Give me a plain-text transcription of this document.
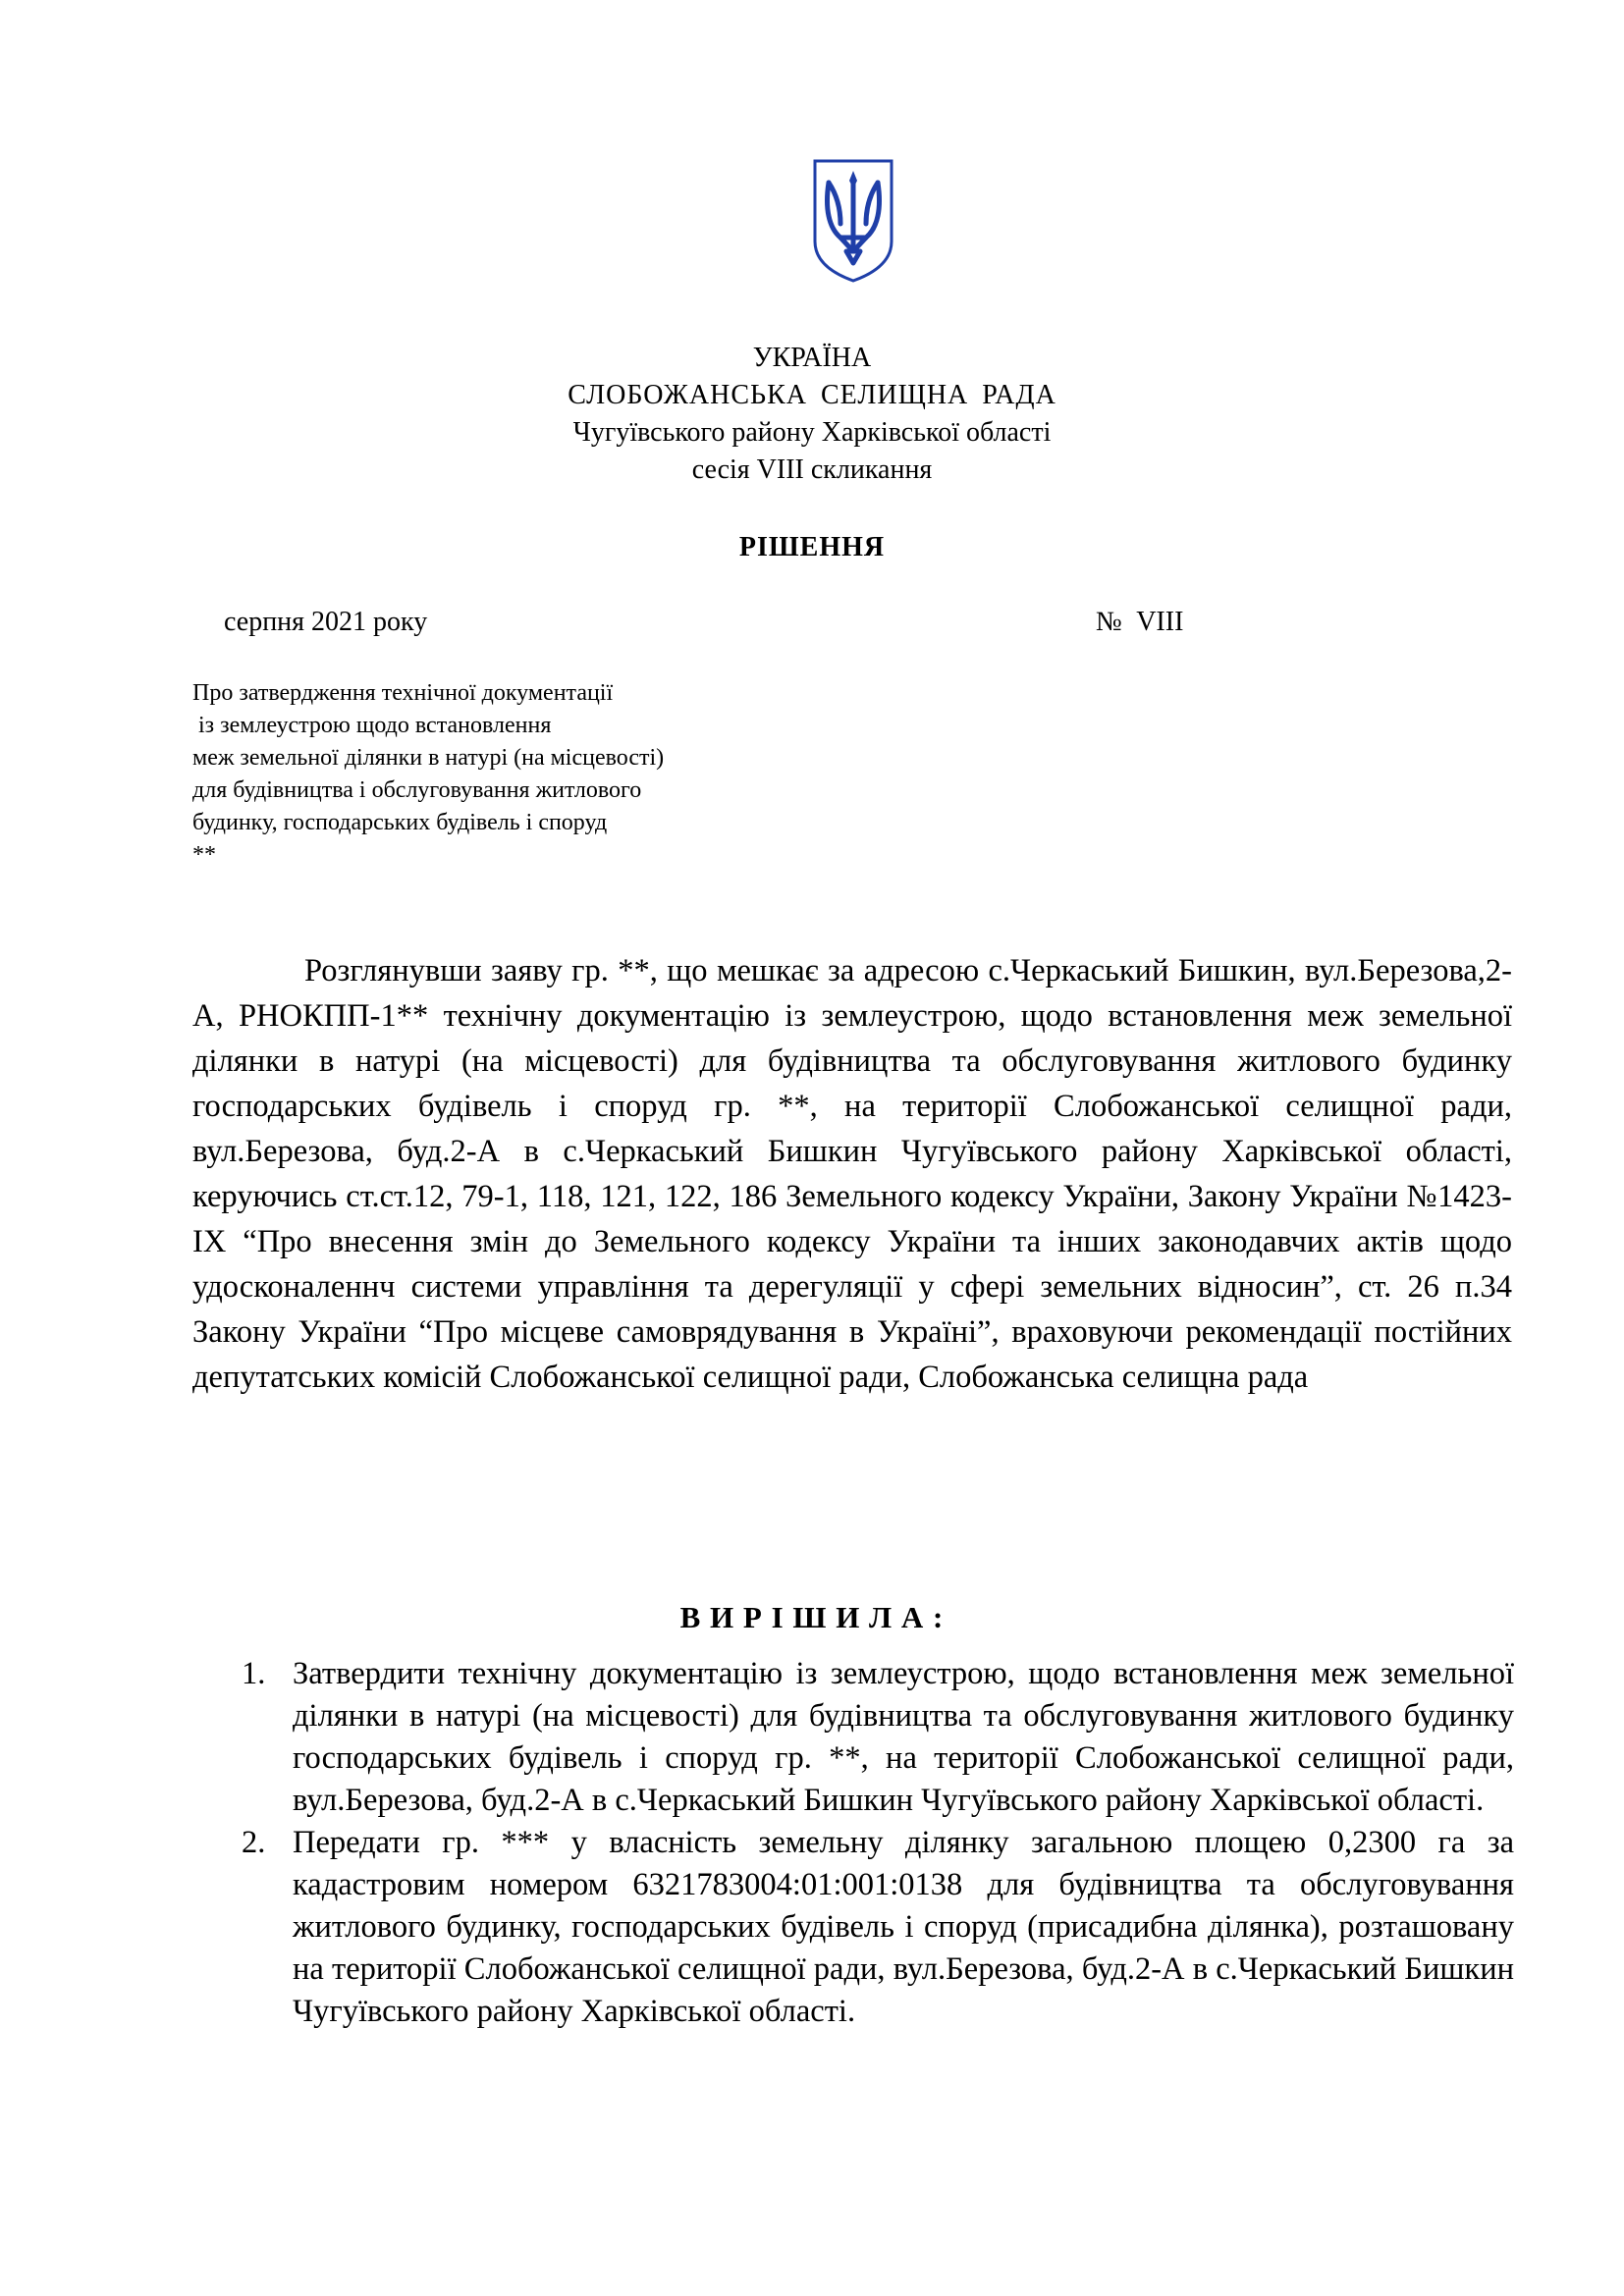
УКРАЇНА
СЛОБОЖАНСЬКА СЕЛИЩНА РАДА
Чугуївського району Харківської області
сесія VIII скликання
РІШЕННЯ
серпня 2021 року	№ VIII
Про затвердження технічної документації
із землеустрою щодо встановлення
меж земельної ділянки в натурі (на місцевості)
для будівництва і обслуговування житлового
будинку, господарських будівель і споруд
**

Розглянувши заяву гр. **, що мешкає за адресою с.Черкаський Бишкин, вул.Березова,2-А, РНОКПП-1** технічну документацію із землеустрою, щодо встановлення меж земельної ділянки в натурі (на місцевості) для будівництва та обслуговування житлового будинку господарських будівель і споруд гр. **, на території Слобожанської селищної ради, вул.Березова, буд.2-А в с.Черкаський Бишкин Чугуївського району Харківської області, керуючись ст.ст.12, 79-1, 118, 121, 122, 186 Земельного кодексу України, Закону України №1423-IX “Про внесення змін до Земельного кодексу України та інших законодавчих актів щодо удосконаленнч системи управління та дерегуляції у сфері земельних відносин”, ст. 26 п.34 Закону України “Про місцеве самоврядування в Україні”, враховуючи рекомендації постійних депутатських комісій Слобожанської селищної ради, Слобожанська селищна рада

В И Р І Ш И Л А :
1. Затвердити технічну документацію із землеустрою, щодо встановлення меж земельної ділянки в натурі (на місцевості) для будівництва та обслуговування житлового будинку господарських будівель і споруд гр. **, на території Слобожанської селищної ради, вул.Березова, буд.2-А в с.Черкаський Бишкин Чугуївського району Харківської області.
2. Передати гр. *** у власність земельну ділянку загальною площею 0,2300 га за кадастровим номером 6321783004:01:001:0138 для будівництва та обслуговування житлового будинку, господарських будівель і споруд (присадибна ділянка), розташовану на території Слобожанської селищної ради, вул.Березова, буд.2-А в с.Черкаський Бишкин Чугуївського району Харківської області.
